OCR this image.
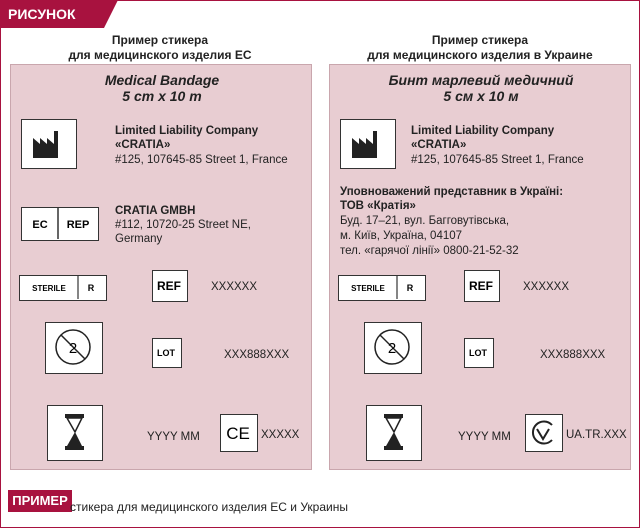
РИСУНОК
Пример стикера
для медицинского изделия ЕС
Пример стикера
для медицинского изделия в Украине
Medical Bandage
5 cm x 10 m
Limited Liability Company
«CRATIA»
#125, 107645-85 Street 1, France
EC REP
CRATIA GMBH
#112, 10720-25 Street NE,
Germany
STERILE R	REF	XXXXXX
2	LOT	XXX888XXX
YYYY MM CE XXXXX
Бинт марлевий медичний
5 см х 10 м
Limited Liability Company
«CRATIA»
#125, 107645-85 Street 1, France
Уповноважений представник в Україні:
ТОВ «Кратія»
Буд. 17–21, вул. Багговутівська,
м. Київ, Україна, 04107
тел. «гарячої лінії» 0800-21-52-32
STERILE R	REF	XXXXXX
2	LOT	XXX888XXX
YYYY MM	UA.TR.XXX
ПРИМЕР стикера для медицинского изделия ЕС и Украины
